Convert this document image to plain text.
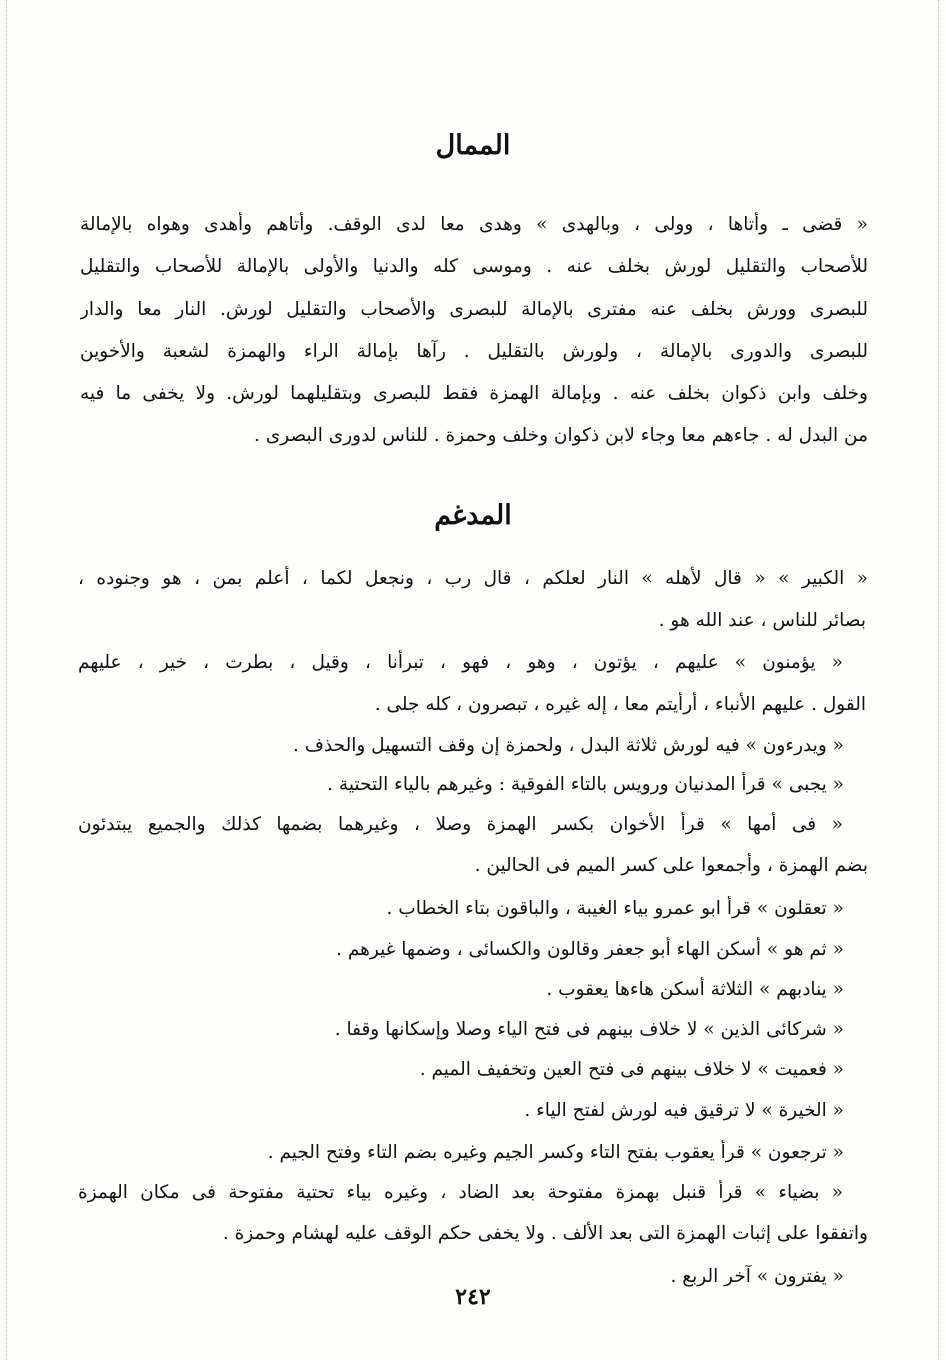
الممال
« قضى ـ وأتاها ، وولى ، وبالهدى » وهدى معا لدى الوقف. وأتاهم وأهدى وهواه بالإمالة
للأصحاب والتقليل لورش بخلف عنه . وموسى كله والدنيا والأولى بالإمالة للأصحاب والتقليل
للبصرى وورش بخلف عنه مفترى بالإمالة للبصرى والأصحاب والتقليل لورش. النار معا والدار
للبصرى والدورى بالإمالة ، ولورش بالتقليل . رآها بإمالة الراء والهمزة لشعبة والأخوين
وخلف وابن ذكوان بخلف عنه . وبإمالة الهمزة فقط للبصرى وبتقليلهما لورش. ولا يخفى ما فيه
من البدل له . جاءهم معا وجاء لابن ذكوان وخلف وحمزة . للناس لدورى البصرى .
المدغم
« الكبير » « قال لأهله » النار لعلكم ، قال رب ، ونجعل لكما ، أعلم بمن ، هو وجنوده ،
بصائر للناس ، عند الله هو .
« يؤمنون » عليهم ، يؤتون ، وهو ، فهو ، تبرأنا ، وقيل ، بطرت ، خير ، عليهم
القول . عليهم الأنباء ، أرأيتم معا ، إله غيره ، تبصرون ، كله جلى .
« ويدرءون » فيه لورش ثلاثة البدل ، ولحمزة إن وقف التسهيل والحذف .
« يجبى » قرأ المدنيان ورويس بالتاء الفوقية : وغيرهم بالياء التحتية .
« فى أمها » قرأ الأخوان بكسر الهمزة وصلا ، وغيرهما بضمها كذلك والجميع يبتدئون
بضم الهمزة ، وأجمعوا على كسر الميم فى الحالين .
« تعقلون » قرأ ابو عمرو بياء الغيبة ، والباقون بتاء الخطاب .
« ثم هو » أسكن الهاء أبو جعفر وقالون والكسائى ، وضمها غيرهم .
« ينادبهم » الثلاثة أسكن هاءها يعقوب .
« شركائى الذين » لا خلاف بينهم فى فتح الياء وصلا وإسكانها وقفا .
« فعميت » لا خلاف بينهم فى فتح العين وتخفيف الميم .
« الخيرة » لا ترقيق فيه لورش لفتح الياء .
« ترجعون » قرأ يعقوب بفتح التاء وكسر الجيم وغيره بضم التاء وفتح الجيم .
« بضياء » قرأ قنبل بهمزة مفتوحة بعد الضاد ، وغيره بياء تحتية مفتوحة فى مكان الهمزة
واتفقوا على إثبات الهمزة التى بعد الألف . ولا يخفى حكم الوقف عليه لهشام وحمزة .
« يفترون » آخر الربع .
٢٤٢
